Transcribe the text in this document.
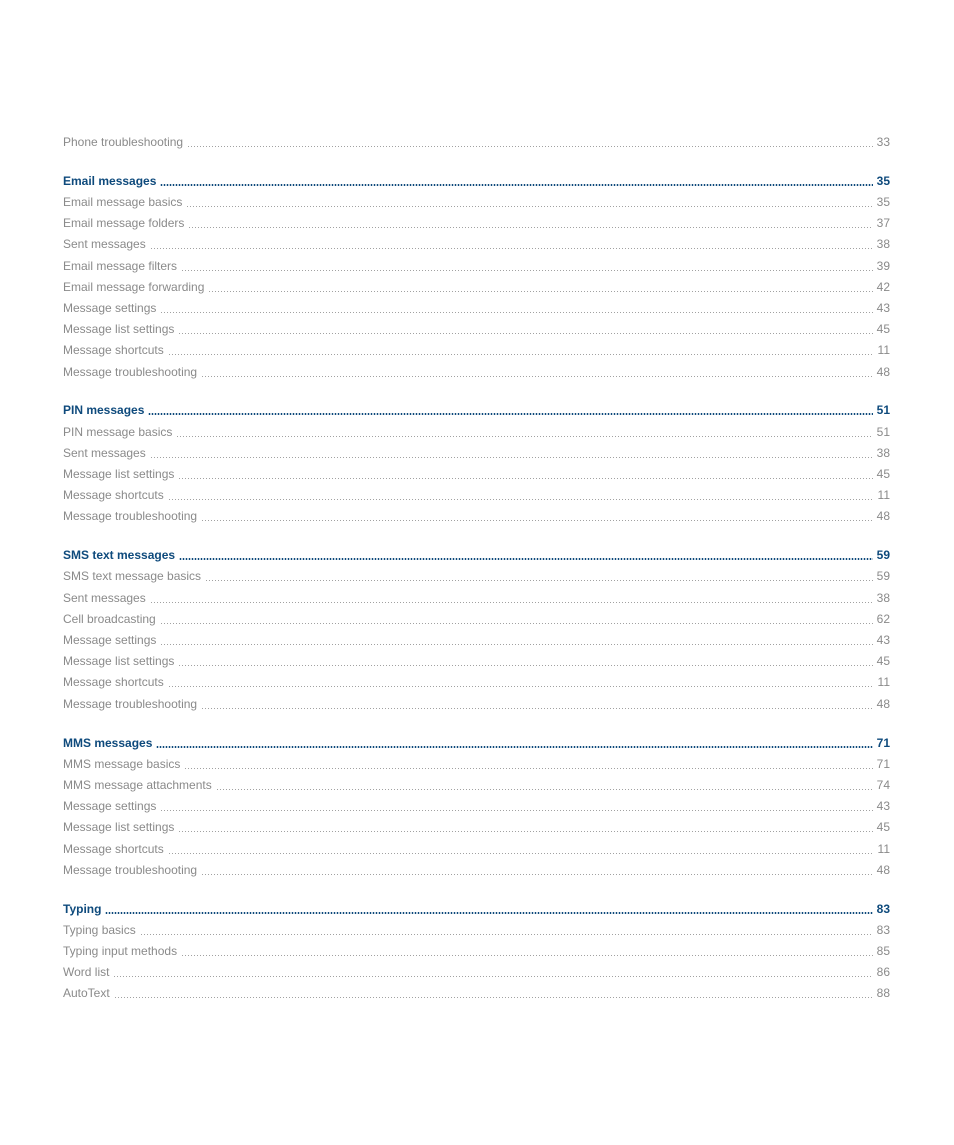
Phone troubleshooting	33
Email messages	35
Email message basics	35
Email message folders	37
Sent messages	38
Email message filters	39
Email message forwarding	42
Message settings	43
Message list settings	45
Message shortcuts	11
Message troubleshooting	48
PIN messages	51
PIN message basics	51
Sent messages	38
Message list settings	45
Message shortcuts	11
Message troubleshooting	48
SMS text messages	59
SMS text message basics	59
Sent messages	38
Cell broadcasting	62
Message settings	43
Message list settings	45
Message shortcuts	11
Message troubleshooting	48
MMS messages	71
MMS message basics	71
MMS message attachments	74
Message settings	43
Message list settings	45
Message shortcuts	11
Message troubleshooting	48
Typing	83
Typing basics	83
Typing input methods	85
Word list	86
AutoText	88
